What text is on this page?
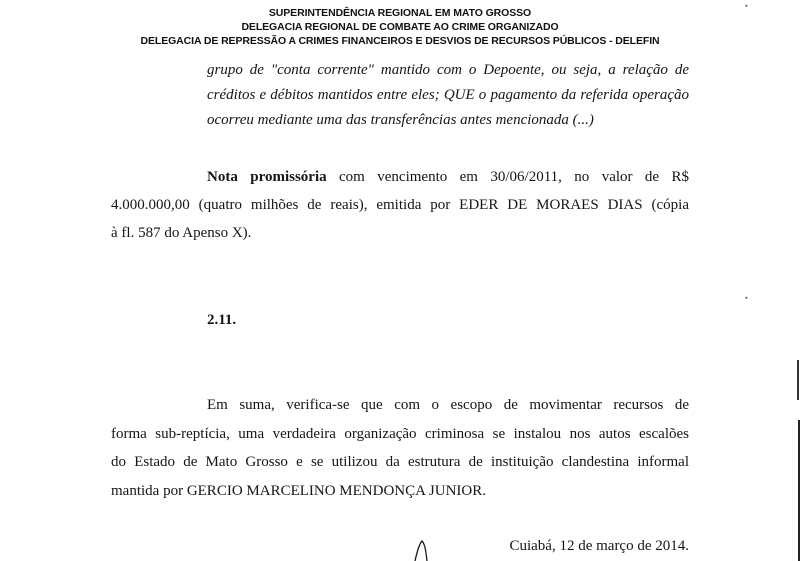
SUPERINTENDÊNCIA REGIONAL EM MATO GROSSO
DELEGACIA REGIONAL DE COMBATE AO CRIME ORGANIZADO
DELEGACIA DE REPRESSÃO A CRIMES FINANCEIROS E DESVIOS DE RECURSOS PÚBLICOS - DELEFIN
grupo de "conta corrente" mantido com o Depoente, ou seja, a relação de
créditos e débitos mantidos entre eles; QUE o pagamento da referida operação
ocorreu mediante uma das transferências antes mencionada (...)
Nota promissória com vencimento em 30/06/2011, no valor de R$
4.000.000,00 (quatro milhões de reais), emitida por EDER DE MORAES DIAS (cópia
à fl. 587 do Apenso X).
2.11.
Em suma, verifica-se que com o escopo de movimentar recursos de
forma sub-reptícia, uma verdadeira organização criminosa se instalou nos autos escalões
do Estado de Mato Grosso e se utilizou da estrutura de instituição clandestina informal
mantida por GERCIO MARCELINO MENDONÇA JUNIOR.
Cuiabá, 12 de março de 2014.
•
•
